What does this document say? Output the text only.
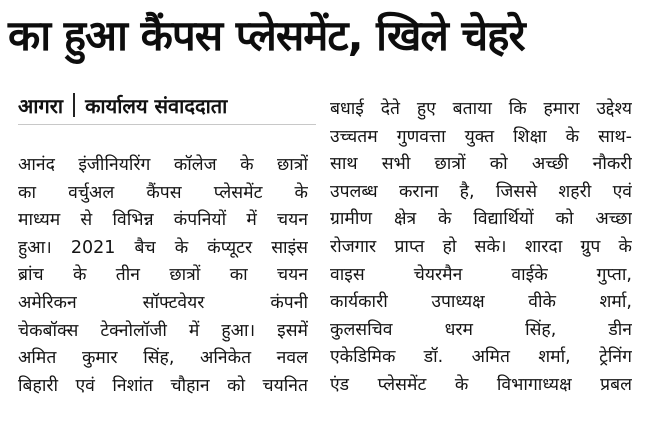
का हुआ कैंपस प्लेसमेंट, खिले चेहरे
आगरा कार्यालय संवाददाता
आनंद इंजीनियरिंग कॉलेज के छात्रों
का वर्चुअल कैंपस प्लेसमेंट के
माध्यम से विभिन्न कंपनियों में चयन
हुआ। 2021 बैच के कंप्यूटर साइंस
ब्रांच के तीन छात्रों का चयन
अमेरिकन सॉफ्टवेयर कंपनी
चेकबॉक्स टेक्नोलॉजी में हुआ। इसमें
अमित कुमार सिंह, अनिकेत नवल
बिहारी एवं निशांत चौहान को चयनित
बधाई देते हुए बताया कि हमारा उद्देश्य
उच्चतम गुणवत्ता युक्त शिक्षा के साथ-
साथ सभी छात्रों को अच्छी नौकरी
उपलब्ध कराना है, जिससे शहरी एवं
ग्रामीण क्षेत्र के विद्यार्थियों को अच्छा
रोजगार प्राप्त हो सके। शारदा ग्रुप के
वाइस चेयरमैन वाईके गुप्ता,
कार्यकारी उपाध्यक्ष वीके शर्मा,
कुलसचिव धरम सिंह, डीन
एकेडिमिक डॉ. अमित शर्मा, ट्रेनिंग
एंड प्लेसमेंट के विभागाध्यक्ष प्रबल
